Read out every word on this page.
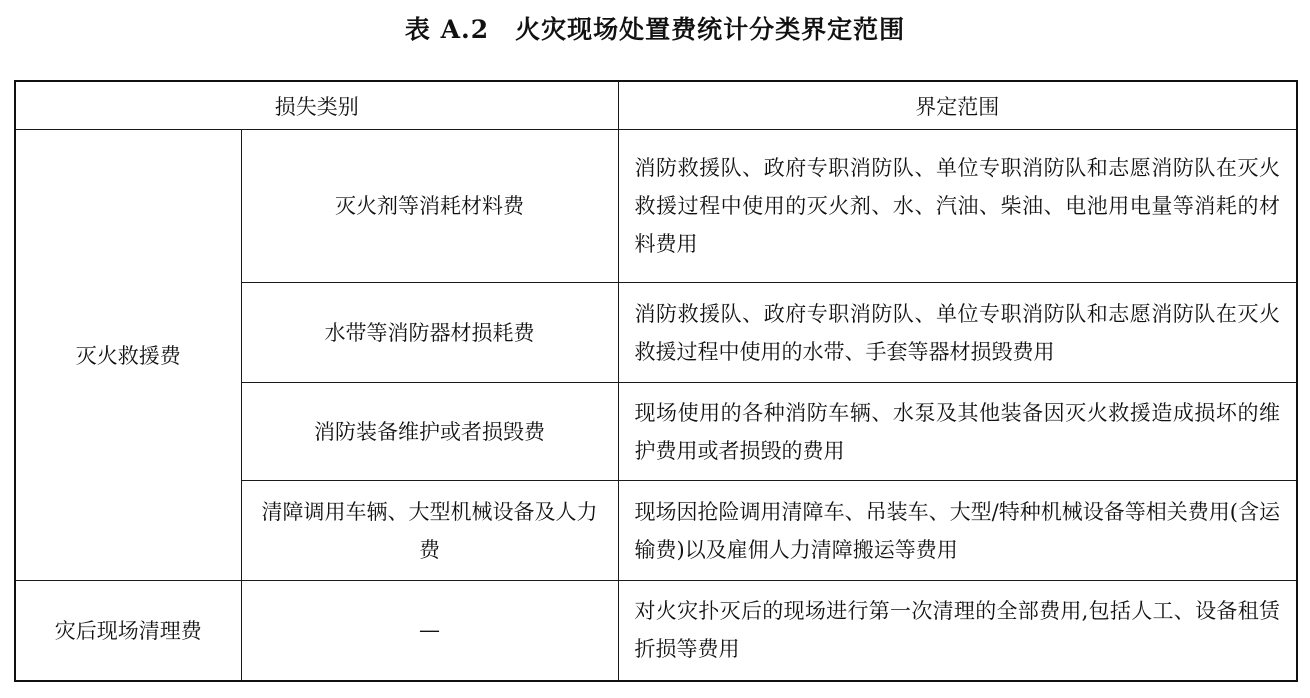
表 A.2 火灾现场处置费统计分类界定范围
损失类别		界定范围
灭火救援费	灭火剂等消耗材料费	消防救援队、政府专职消防队、单位专职消防队和志愿消防队在灭火救援过程中使用的灭火剂、水、汽油、柴油、电池用电量等消耗的材料费用
	水带等消防器材损耗费	消防救援队、政府专职消防队、单位专职消防队和志愿消防队在灭火救援过程中使用的水带、手套等器材损毁费用
	消防装备维护或者损毁费	现场使用的各种消防车辆、水泵及其他装备因灭火救援造成损坏的维护费用或者损毁的费用
	清障调用车辆、大型机械设备及人力费	现场因抢险调用清障车、吊装车、大型/特种机械设备等相关费用(含运输费)以及雇佣人力清障搬运等费用
灾后现场清理费	—	对火灾扑灭后的现场进行第一次清理的全部费用,包括人工、设备租赁折损等费用
